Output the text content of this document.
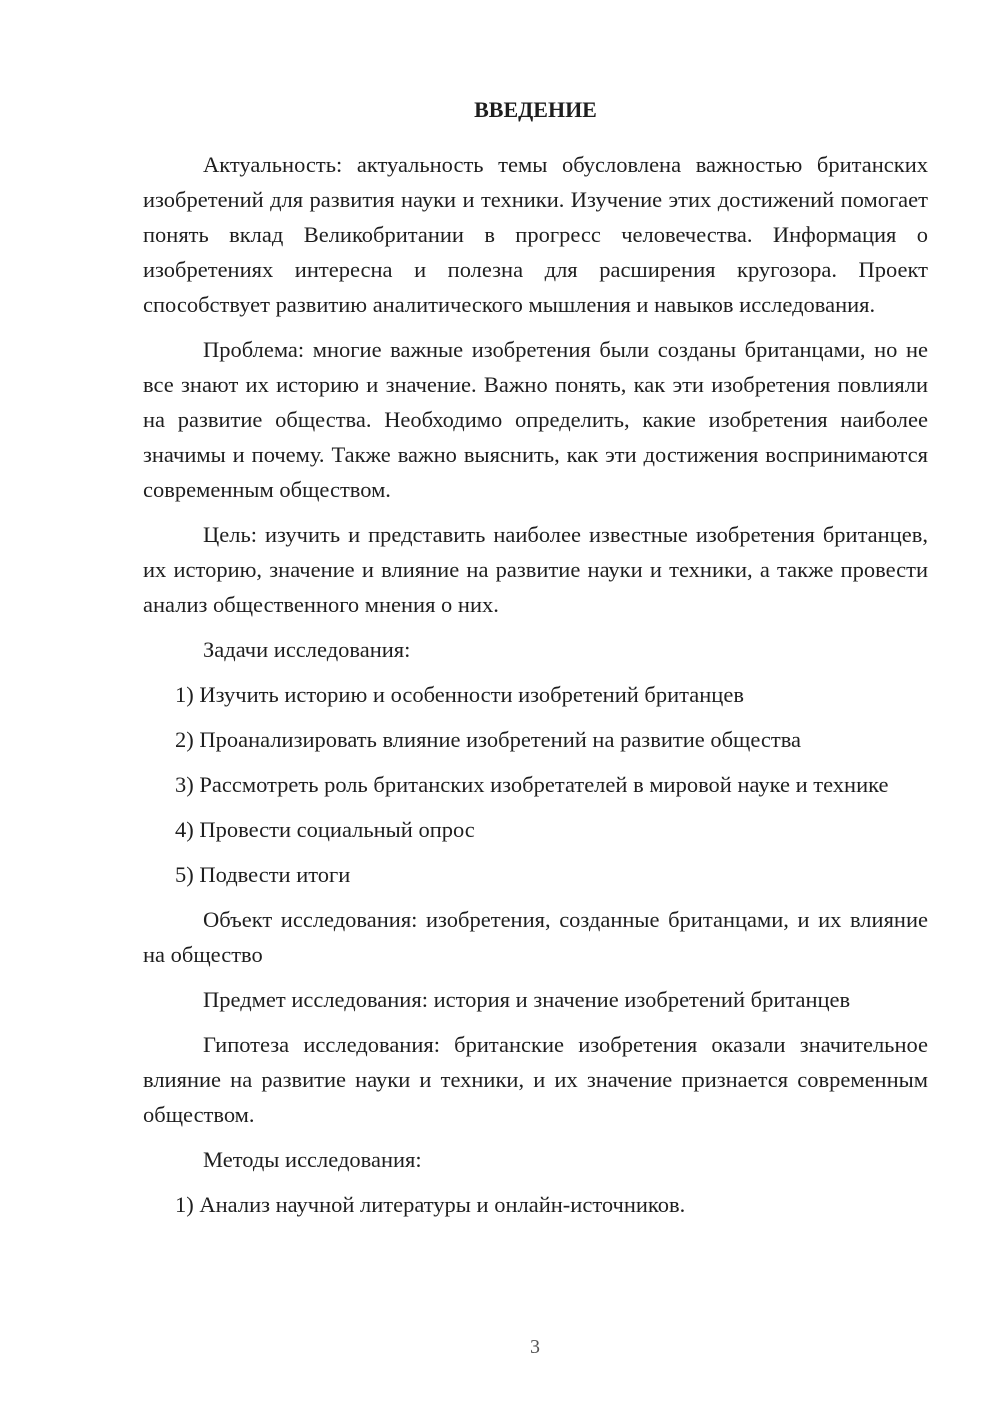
ВВЕДЕНИЕ

Актуальность: актуальность темы обусловлена важностью британских изобретений для развития науки и техники. Изучение этих достижений помогает понять вклад Великобритании в прогресс человечества. Информация о изобретениях интересна и полезна для расширения кругозора. Проект способствует развитию аналитического мышления и навыков исследования.

Проблема: многие важные изобретения были созданы британцами, но не все знают их историю и значение. Важно понять, как эти изобретения повлияли на развитие общества. Необходимо определить, какие изобретения наиболее значимы и почему. Также важно выяснить, как эти достижения воспринимаются современным обществом.

Цель: изучить и представить наиболее известные изобретения британцев, их историю, значение и влияние на развитие науки и техники, а также провести анализ общественного мнения о них.

Задачи исследования:

1) Изучить историю и особенности изобретений британцев

2) Проанализировать влияние изобретений на развитие общества

3) Рассмотреть роль британских изобретателей в мировой науке и технике

4) Провести социальный опрос

5) Подвести итоги

Объект исследования: изобретения, созданные британцами, и их влияние на общество

Предмет исследования: история и значение изобретений британцев

Гипотеза исследования: британские изобретения оказали значительное влияние на развитие науки и техники, и их значение признается современным обществом.

Методы исследования:

1) Анализ научной литературы и онлайн-источников.

3
